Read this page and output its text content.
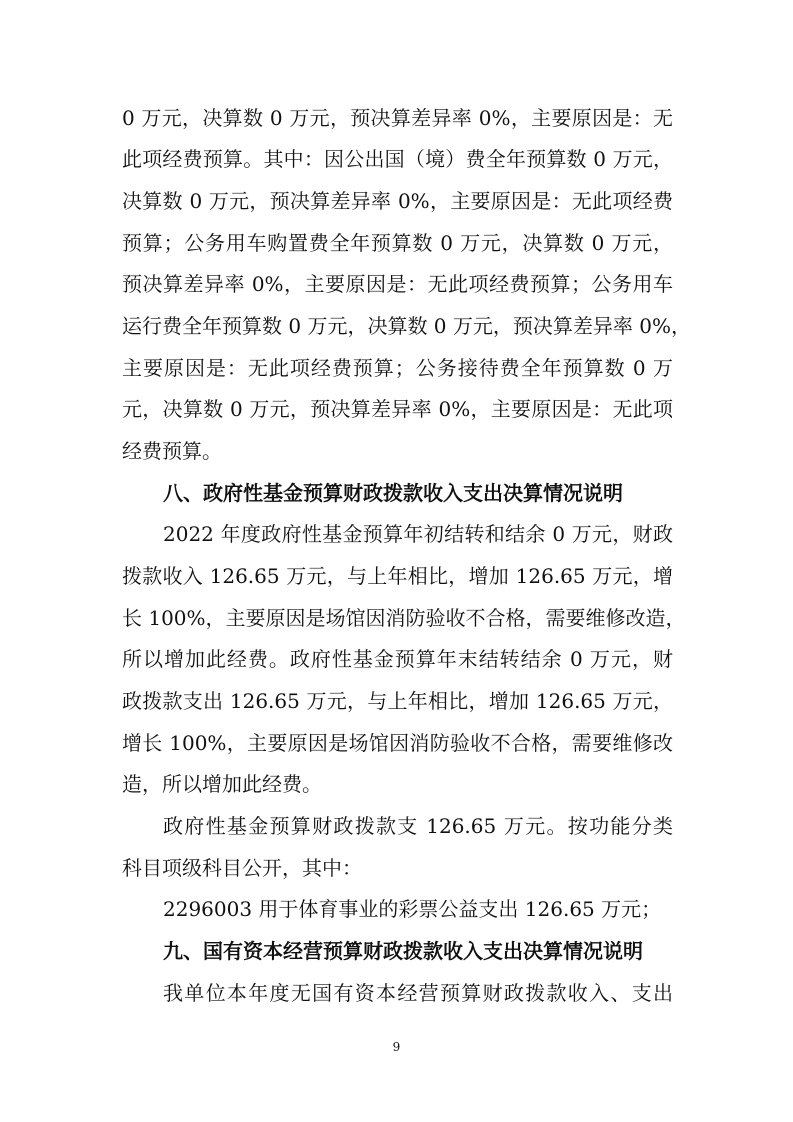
0 万元，决算数 0 万元，预决算差异率 0%，主要原因是：无
此项经费预算。其中：因公出国（境）费全年预算数 0 万元，
决算数 0 万元，预决算差异率 0%，主要原因是：无此项经费
预算；公务用车购置费全年预算数 0 万元，决算数 0 万元，
预决算差异率 0%，主要原因是：无此项经费预算；公务用车
运行费全年预算数 0 万元，决算数 0 万元，预决算差异率 0%，
主要原因是：无此项经费预算；公务接待费全年预算数 0 万
元，决算数 0 万元，预决算差异率 0%，主要原因是：无此项
经费预算。
八、政府性基金预算财政拨款收入支出决算情况说明
2022 年度政府性基金预算年初结转和结余 0 万元，财政
拨款收入 126.65 万元，与上年相比，增加 126.65 万元，增
长 100%，主要原因是场馆因消防验收不合格，需要维修改造，
所以增加此经费。政府性基金预算年末结转结余 0 万元，财
政拨款支出 126.65 万元，与上年相比，增加 126.65 万元，
增长 100%，主要原因是场馆因消防验收不合格，需要维修改
造，所以增加此经费。
政府性基金预算财政拨款支 126.65 万元。按功能分类
科目项级科目公开，其中：
2296003 用于体育事业的彩票公益支出 126.65 万元；
九、国有资本经营预算财政拨款收入支出决算情况说明
我单位本年度无国有资本经营预算财政拨款收入、支出
9
